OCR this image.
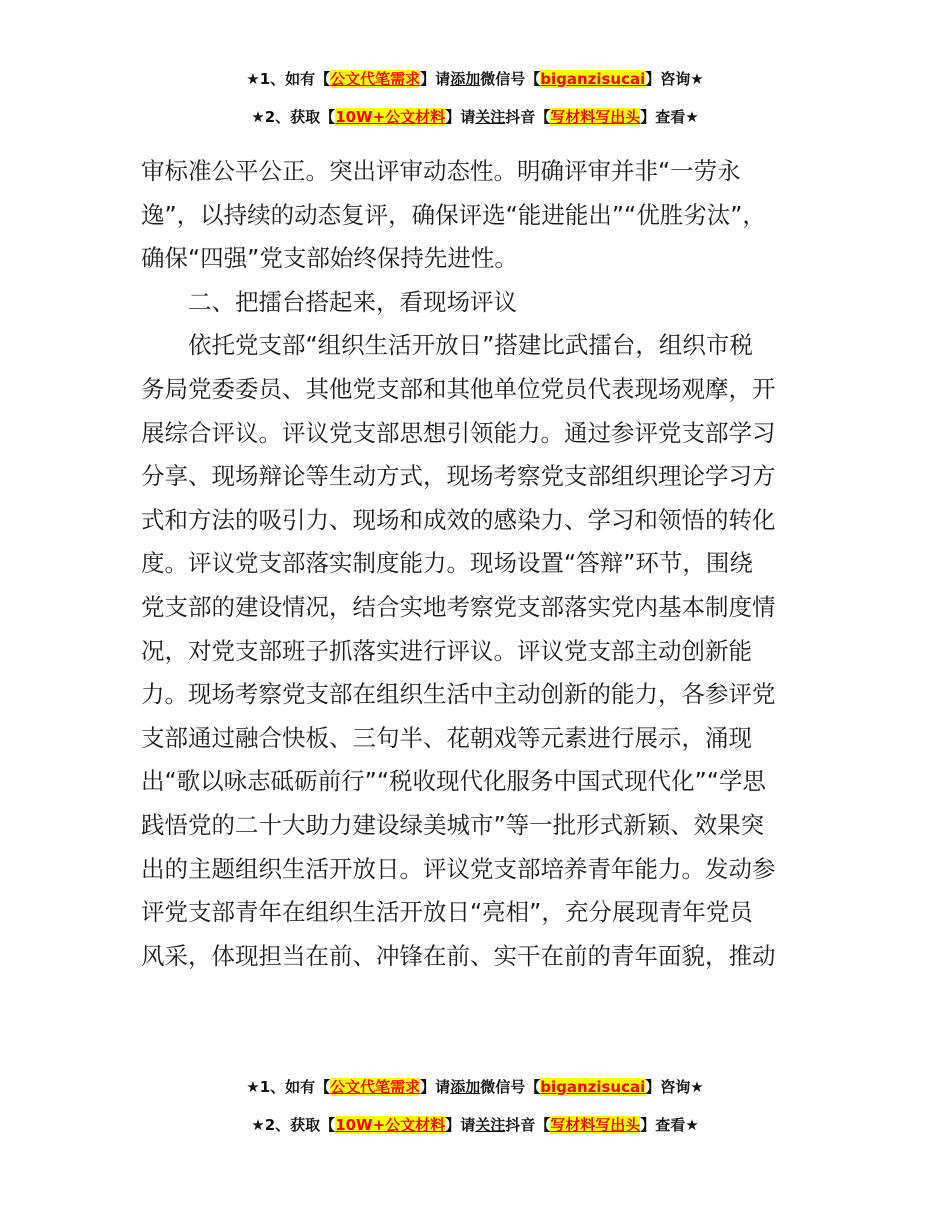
★1、如有【公文代笔需求】请添加微信号【biganzisucai】咨询★
★2、获取【10W+公文材料】请关注抖音【写材料写出头】查看★

审标准公平公正。突出评审动态性。明确评审并非“一劳永
逸”，以持续的动态复评，确保评选“能进能出”“优胜劣汰”，
确保“四强”党支部始终保持先进性。

二、把擂台搭起来，看现场评议

依托党支部“组织生活开放日”搭建比武擂台，组织市税
务局党委委员、其他党支部和其他单位党员代表现场观摩，开
展综合评议。评议党支部思想引领能力。通过参评党支部学习
分享、现场辩论等生动方式，现场考察党支部组织理论学习方
式和方法的吸引力、现场和成效的感染力、学习和领悟的转化
度。评议党支部落实制度能力。现场设置“答辩”环节，围绕
党支部的建设情况，结合实地考察党支部落实党内基本制度情
况，对党支部班子抓落实进行评议。评议党支部主动创新能
力。现场考察党支部在组织生活中主动创新的能力，各参评党
支部通过融合快板、三句半、花朝戏等元素进行展示，涌现
出“歌以咏志砥砺前行”“税收现代化服务中国式现代化”“学思
践悟党的二十大助力建设绿美城市”等一批形式新颖、效果突
出的主题组织生活开放日。评议党支部培养青年能力。发动参
评党支部青年在组织生活开放日“亮相”，充分展现青年党员
风采，体现担当在前、冲锋在前、实干在前的青年面貌，推动

★1、如有【公文代笔需求】请添加微信号【biganzisucai】咨询★
★2、获取【10W+公文材料】请关注抖音【写材料写出头】查看★
